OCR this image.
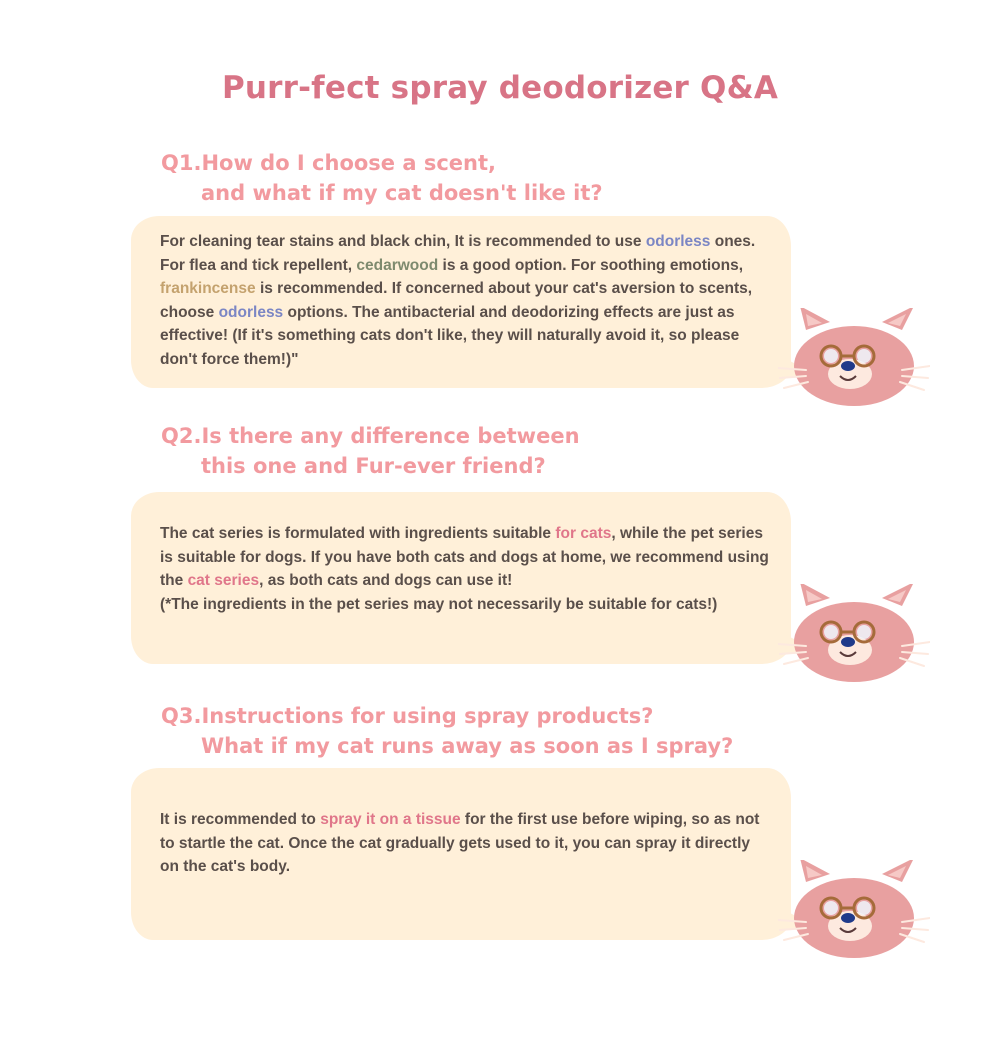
Purr-fect spray deodorizer Q&A
Q1.How do I choose a scent,
and what if my cat doesn't like it?

For cleaning tear stains and black chin, It is recommended to use odorless ones. For flea and tick repellent, cedarwood is a good option. For soothing emotions, frankincense is recommended. If concerned about your cat's aversion to scents, choose odorless options. The antibacterial and deodorizing effects are just as effective! (If it's something cats don't like, they will naturally avoid it, so please don't force them!)"

Q2.Is there any difference between
this one and Fur-ever friend?

The cat series is formulated with ingredients suitable for cats, while the pet series is suitable for dogs. If you have both cats and dogs at home, we recommend using the cat series, as both cats and dogs can use it!
(*The ingredients in the pet series may not necessarily be suitable for cats!)

Q3.Instructions for using spray products?
What if my cat runs away as soon as I spray?

It is recommended to spray it on a tissue for the first use before wiping, so as not to startle the cat. Once the cat gradually gets used to it, you can spray it directly on the cat's body.
